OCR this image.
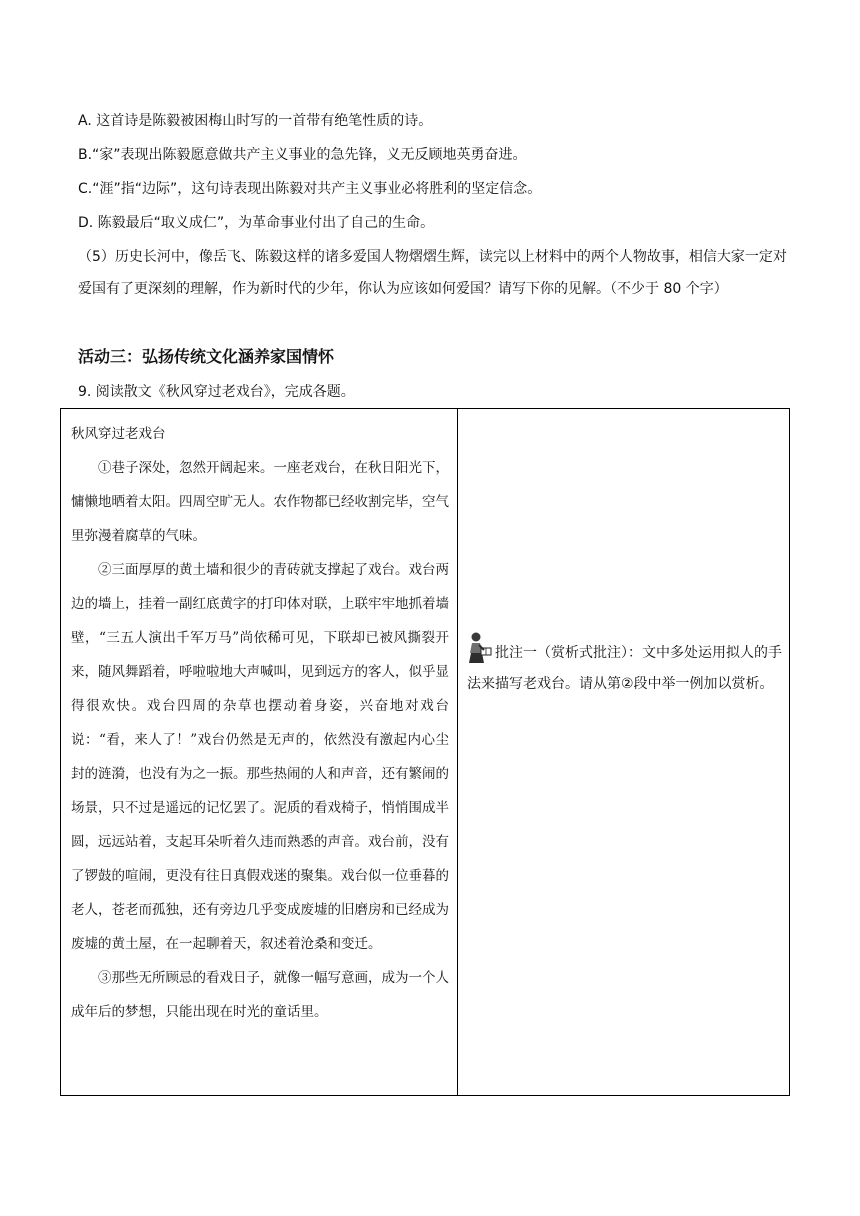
A. 这首诗是陈毅被困梅山时写的一首带有绝笔性质的诗。
B.“家”表现出陈毅愿意做共产主义事业的急先锋，义无反顾地英勇奋进。
C.“涯”指“边际”，这句诗表现出陈毅对共产主义事业必将胜利的坚定信念。
D. 陈毅最后“取义成仁”，为革命事业付出了自己的生命。
（5）历史长河中，像岳飞、陈毅这样的诸多爱国人物熠熠生辉，读完以上材料中的两个人物故事，相信大家一定对爱国有了更深刻的理解，作为新时代的少年，你认为应该如何爱国？请写下你的见解。（不少于 80 个字）
活动三：弘扬传统文化涵养家国情怀
9. 阅读散文《秋风穿过老戏台》，完成各题。
秋风穿过老戏台

①巷子深处，忽然开阔起来。一座老戏台，在秋日阳光下，慵懒地晒着太阳。四周空旷无人。农作物都已经收割完毕，空气里弥漫着腐草的气味。

②三面厚厚的黄土墙和很少的青砖就支撑起了戏台。戏台两边的墙上，挂着一副红底黄字的打印体对联，上联牢牢地抓着墙壁，“三五人演出千军万马”尚依稀可见，下联却已被风撕裂开来，随风舞蹈着，呼啦啦地大声喊叫，见到远方的客人，似乎显得很欢快。戏台四周的杂草也摆动着身姿，兴奋地对戏台说：“看，来人了！”戏台仍然是无声的，依然没有激起内心尘封的涟漪，也没有为之一振。那些热闹的人和声音，还有繁闹的场景，只不过是遥远的记忆罢了。泥质的看戏椅子，悄悄围成半圆，远远站着，支起耳朵听着久违而熟悉的声音。戏台前，没有了锣鼓的喧闹，更没有往日真假戏迷的聚集。戏台似一位垂暮的老人，苍老而孤独，还有旁边几乎变成废墟的旧磨房和已经成为废墟的黄土屋，在一起聊着天，叙述着沧桑和变迁。

③那些无所顾忌的看戏日子，就像一幅写意画，成为一个人成年后的梦想，只能出现在时光的童话里。

批注一（赏析式批注）：文中多处运用拟人的手法来描写老戏台。请从第②段中举一例加以赏析。
